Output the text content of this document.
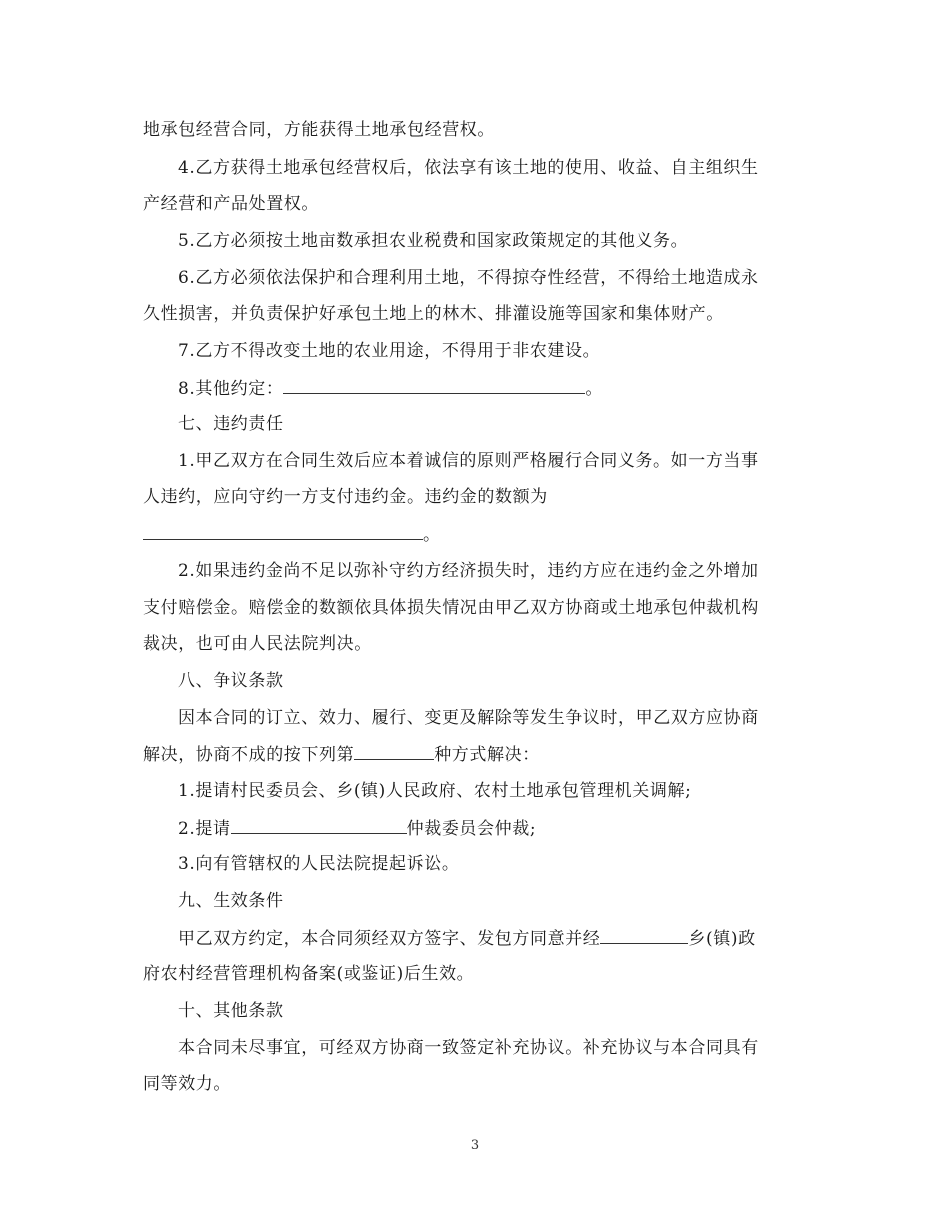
地承包经营合同，方能获得土地承包经营权。
4.乙方获得土地承包经营权后，依法享有该土地的使用、收益、自主组织生
产经营和产品处置权。
5.乙方必须按土地亩数承担农业税费和国家政策规定的其他义务。
6.乙方必须依法保护和合理利用土地，不得掠夺性经营，不得给土地造成永
久性损害，并负责保护好承包土地上的林木、排灌设施等国家和集体财产。
7.乙方不得改变土地的农业用途，不得用于非农建设。
8.其他约定：	。
七、违约责任
1.甲乙双方在合同生效后应本着诚信的原则严格履行合同义务。如一方当事
人违约，应向守约一方支付违约金。违约金的数额为
。
2.如果违约金尚不足以弥补守约方经济损失时，违约方应在违约金之外增加
支付赔偿金。赔偿金的数额依具体损失情况由甲乙双方协商或土地承包仲裁机构
裁决，也可由人民法院判决。
八、争议条款
因本合同的订立、效力、履行、变更及解除等发生争议时，甲乙双方应协商
解决，协商不成的按下列第	种方式解决：
1.提请村民委员会、乡(镇)人民政府、农村土地承包管理机关调解;
2.提请	仲裁委员会仲裁;
3.向有管辖权的人民法院提起诉讼。
九、生效条件
甲乙双方约定，本合同须经双方签字、发包方同意并经	乡(镇)政
府农村经营管理机构备案(或鉴证)后生效。
十、其他条款
本合同未尽事宜，可经双方协商一致签定补充协议。补充协议与本合同具有
同等效力。
3
